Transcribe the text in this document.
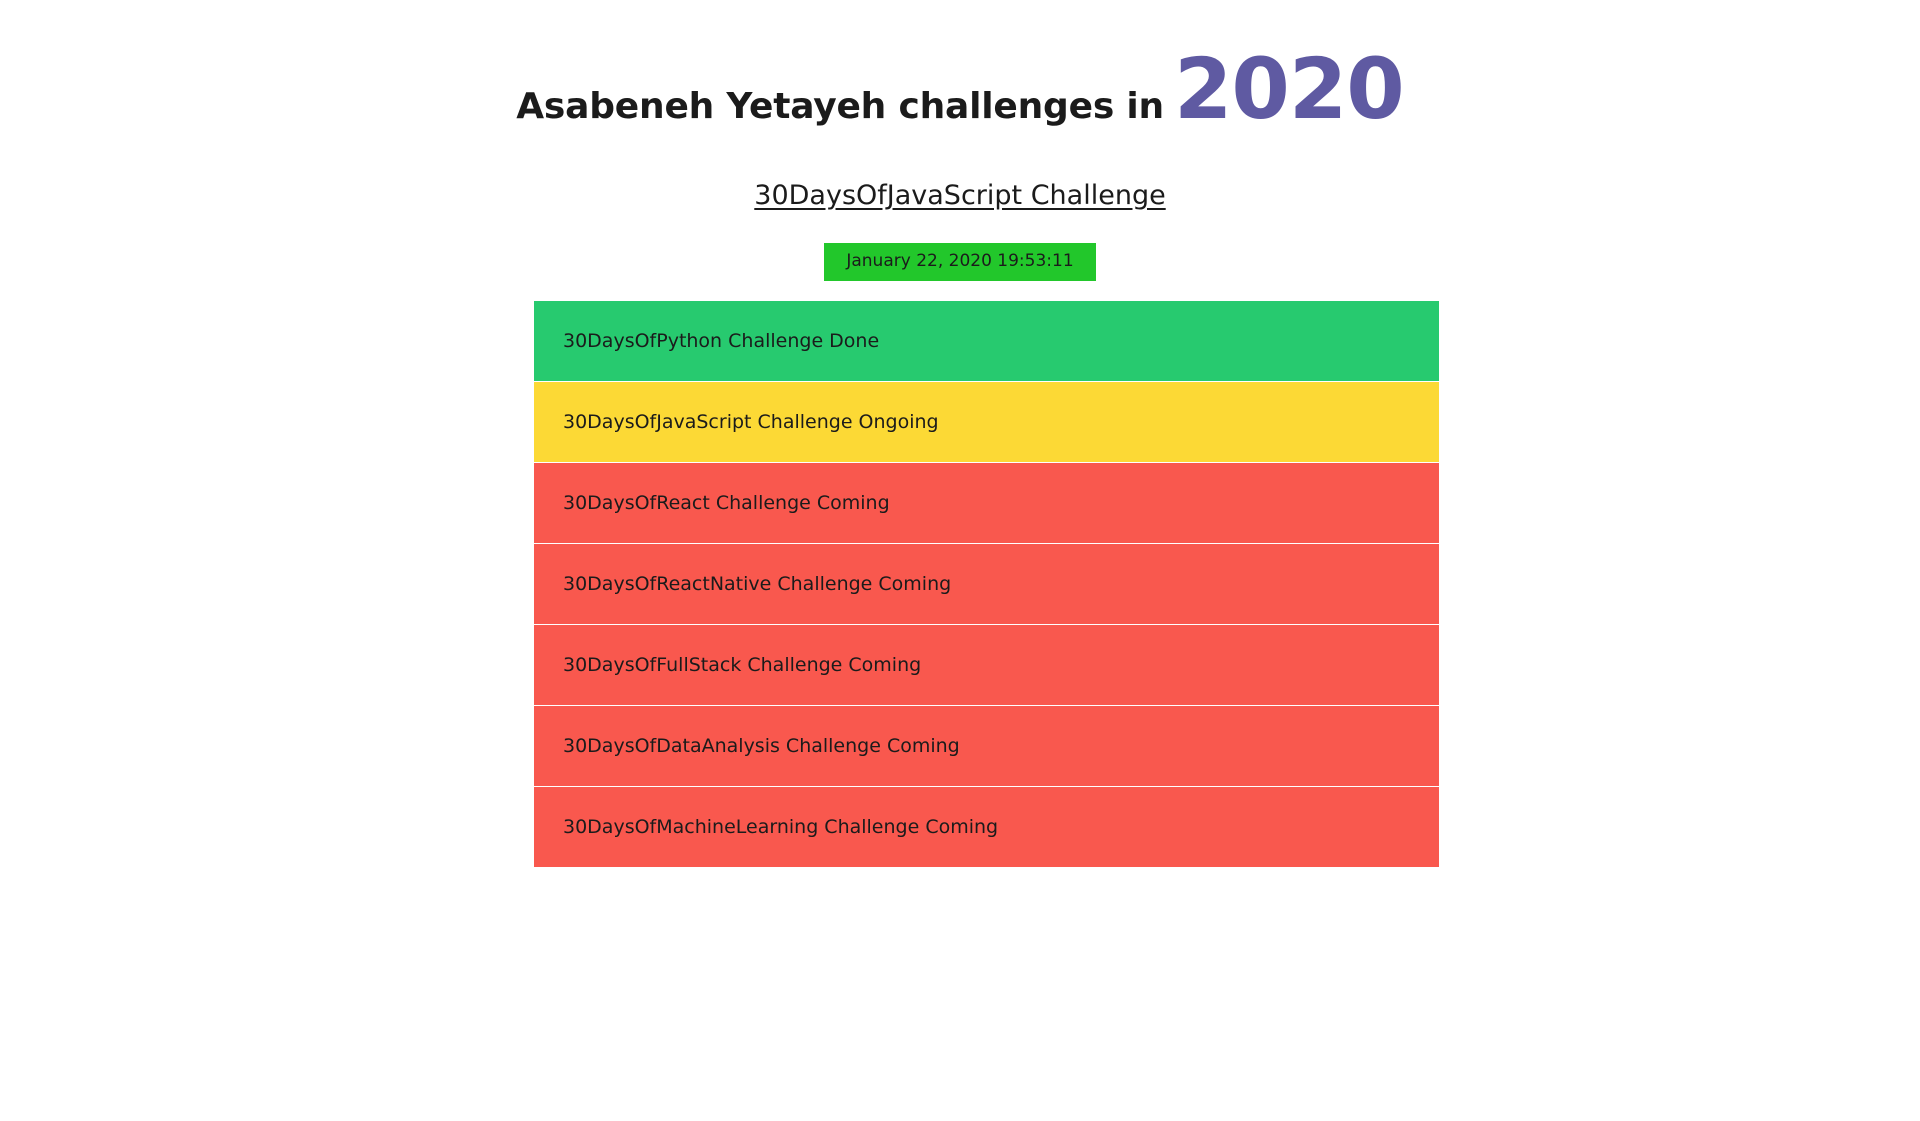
Asabeneh Yetayeh challenges in 2020
30DaysOfJavaScript Challenge
January 22, 2020 19:53:11
30DaysOfPython Challenge Done
30DaysOfJavaScript Challenge Ongoing
30DaysOfReact Challenge Coming
30DaysOfReactNative Challenge Coming
30DaysOfFullStack Challenge Coming
30DaysOfDataAnalysis Challenge Coming
30DaysOfMachineLearning Challenge Coming
